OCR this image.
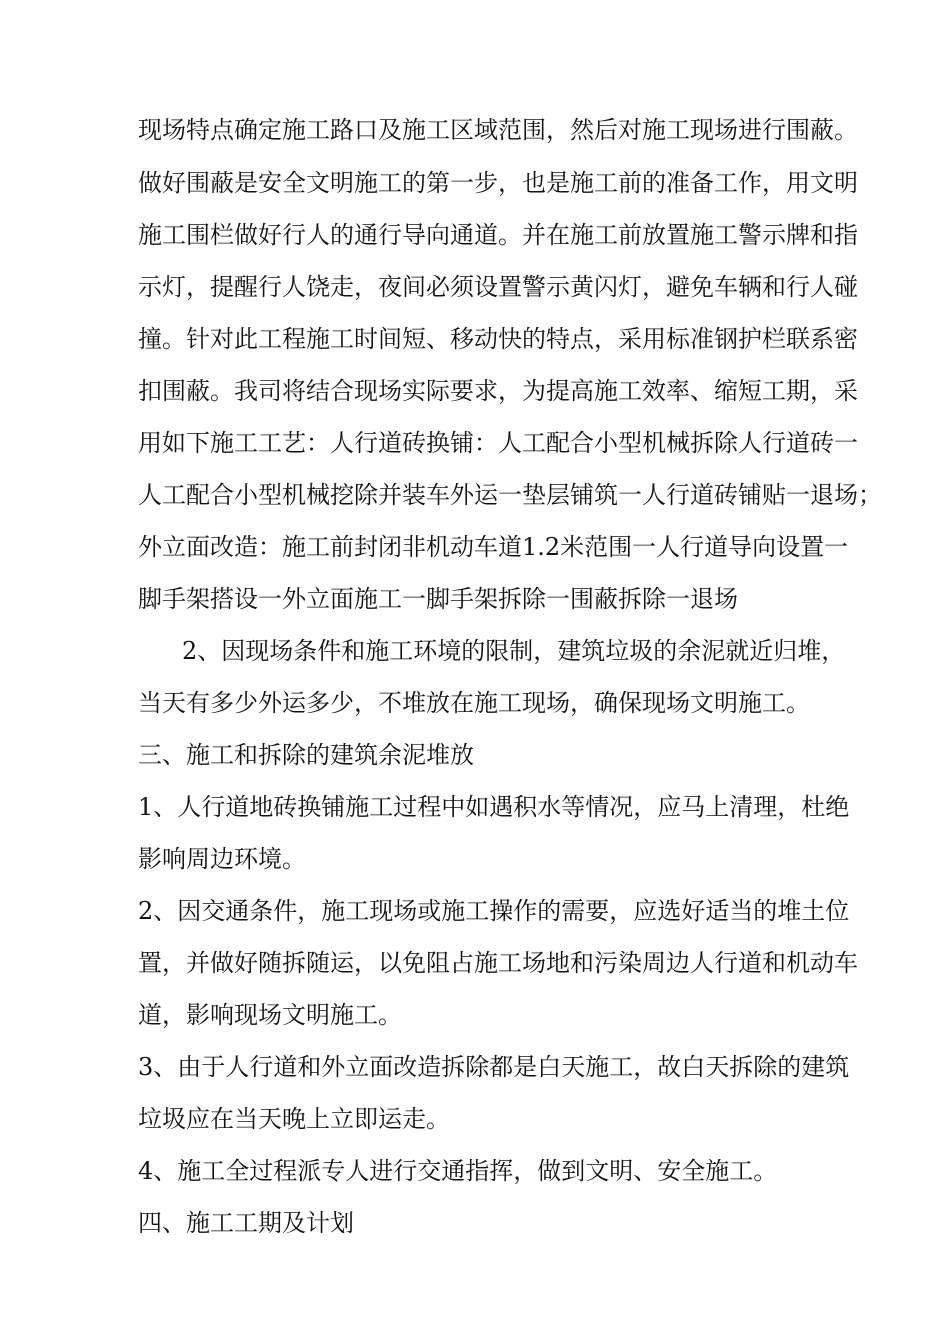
现场特点确定施工路口及施工区域范围，然后对施工现场进行围蔽。
做好围蔽是安全文明施工的第一步，也是施工前的准备工作，用文明
施工围栏做好行人的通行导向通道。并在施工前放置施工警示牌和指
示灯，提醒行人饶走，夜间必须设置警示黄闪灯，避免车辆和行人碰
撞。针对此工程施工时间短、移动快的特点，采用标准钢护栏联系密
扣围蔽。我司将结合现场实际要求，为提高施工效率、缩短工期，采
用如下施工工艺：人行道砖换铺：人工配合小型机械拆除人行道砖一
人工配合小型机械挖除并装车外运一垫层铺筑一人行道砖铺贴一退场；
外立面改造：施工前封闭非机动车道1.2米范围一人行道导向设置一
脚手架搭设一外立面施工一脚手架拆除一围蔽拆除一退场
2、因现场条件和施工环境的限制，建筑垃圾的余泥就近归堆，
当天有多少外运多少，不堆放在施工现场，确保现场文明施工。
三、施工和拆除的建筑余泥堆放
1、人行道地砖换铺施工过程中如遇积水等情况，应马上清理，杜绝
影响周边环境。
2、因交通条件，施工现场或施工操作的需要，应选好适当的堆土位
置，并做好随拆随运，以免阻占施工场地和污染周边人行道和机动车
道，影响现场文明施工。
3、由于人行道和外立面改造拆除都是白天施工，故白天拆除的建筑
垃圾应在当天晚上立即运走。
4、施工全过程派专人进行交通指挥，做到文明、安全施工。
四、施工工期及计划
